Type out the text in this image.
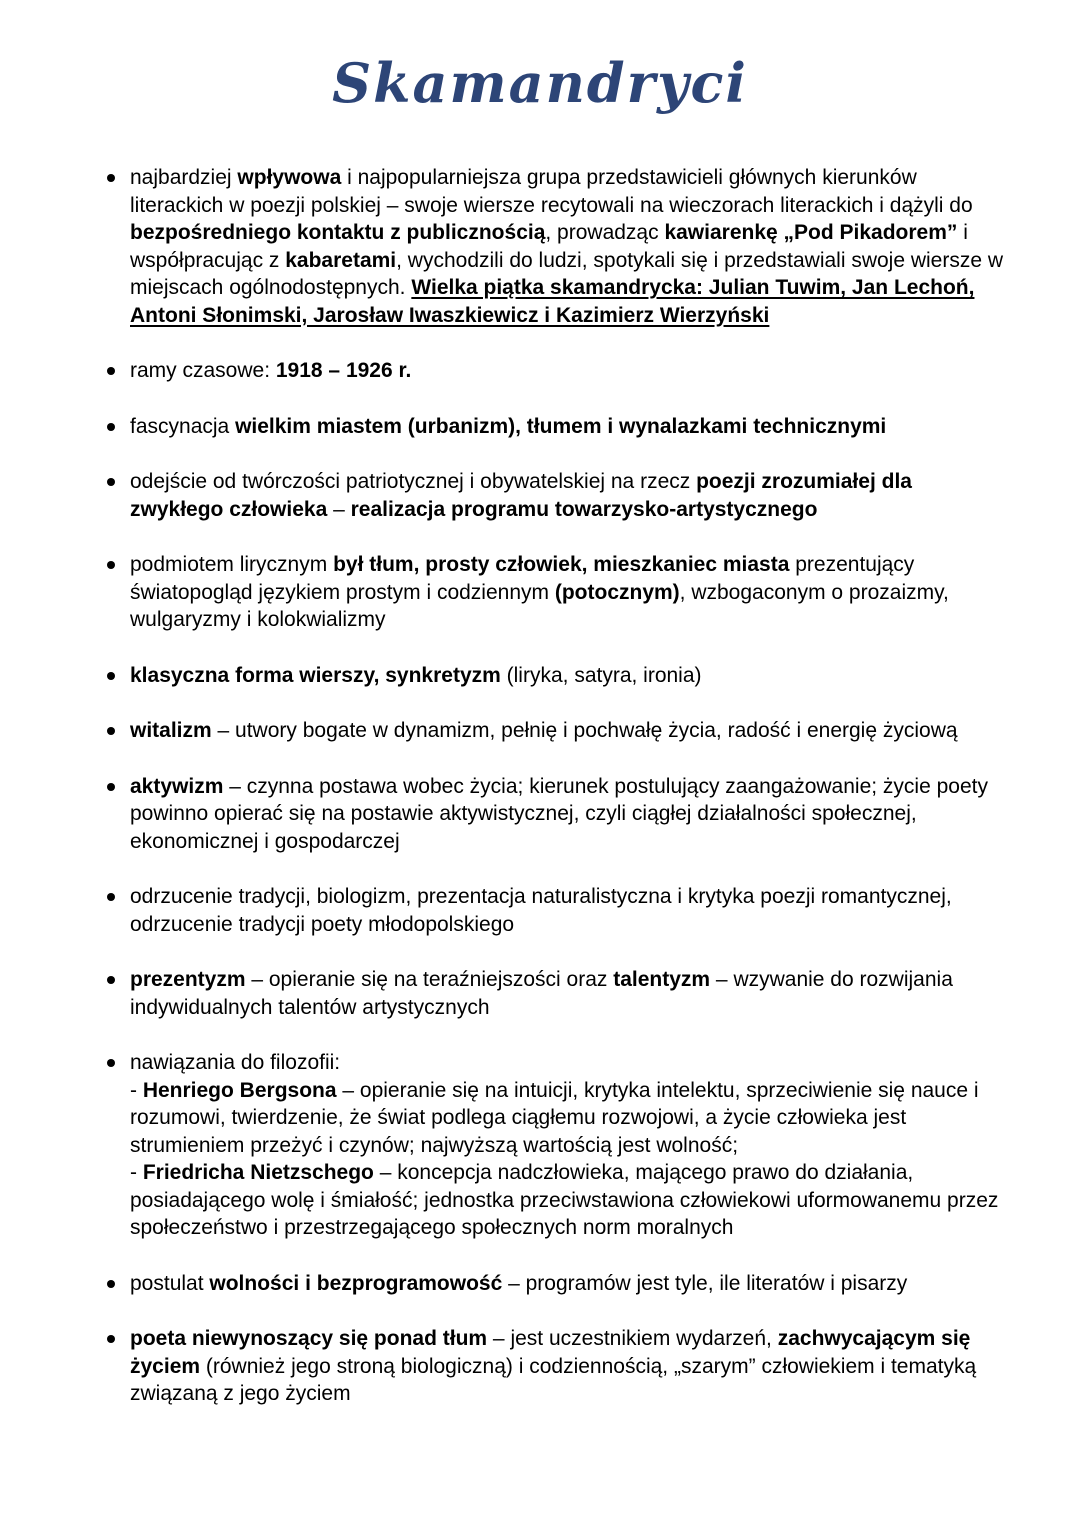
Skamandryci
najbardziej wpływowa i najpopularniejsza grupa przedstawicieli głównych kierunków literackich w poezji polskiej – swoje wiersze recytowali na wieczorach literackich i dążyli do bezpośredniego kontaktu z publicznością, prowadząc kawiarenkę „Pod Pikadorem” i współpracując z kabaretami, wychodzili do ludzi, spotykali się i przedstawiali swoje wiersze w miejscach ogólnodostępnych. Wielka piątka skamandrycka: Julian Tuwim, Jan Lechoń, Antoni Słonimski, Jarosław Iwaszkiewicz i Kazimierz Wierzyński
ramy czasowe: 1918 – 1926 r.
fascynacja wielkim miastem (urbanizm), tłumem i wynalazkami technicznymi
odejście od twórczości patriotycznej i obywatelskiej na rzecz poezji zrozumiałej dla zwykłego człowieka – realizacja programu towarzysko-artystycznego
podmiotem lirycznym był tłum, prosty człowiek, mieszkaniec miasta prezentujący światopogląd językiem prostym i codziennym (potocznym), wzbogaconym o prozaizmy, wulgaryzmy i kolokwializmy
klasyczna forma wierszy, synkretyzm (liryka, satyra, ironia)
witalizm – utwory bogate w dynamizm, pełnię i pochwałę życia, radość i energię życiową
aktywizm – czynna postawa wobec życia; kierunek postulujący zaangażowanie; życie poety powinno opierać się na postawie aktywistycznej, czyli ciągłej działalności społecznej, ekonomicznej i gospodarczej
odrzucenie tradycji, biologizm, prezentacja naturalistyczna i krytyka poezji romantycznej, odrzucenie tradycji poety młodopolskiego
prezentyzm – opieranie się na teraźniejszości oraz talentyzm – wzywanie do rozwijania indywidualnych talentów artystycznych
nawiązania do filozofii:
- Henriego Bergsona – opieranie się na intuicji, krytyka intelektu, sprzeciwienie się nauce i rozumowi, twierdzenie, że świat podlega ciągłemu rozwojowi, a życie człowieka jest strumieniem przeżyć i czynów; najwyższą wartością jest wolność;
- Friedricha Nietzschego – koncepcja nadczłowieka, mającego prawo do działania, posiadającego wolę i śmiałość; jednostka przeciwstawiona człowiekowi uformowanemu przez społeczeństwo i przestrzegającego społecznych norm moralnych
postulat wolności i bezprogramowość – programów jest tyle, ile literatów i pisarzy
poeta niewynoszący się ponad tłum – jest uczestnikiem wydarzeń, zachwycającym się życiem (również jego stroną biologiczną) i codziennością, „szarym” człowiekiem i tematyką związaną z jego życiem
